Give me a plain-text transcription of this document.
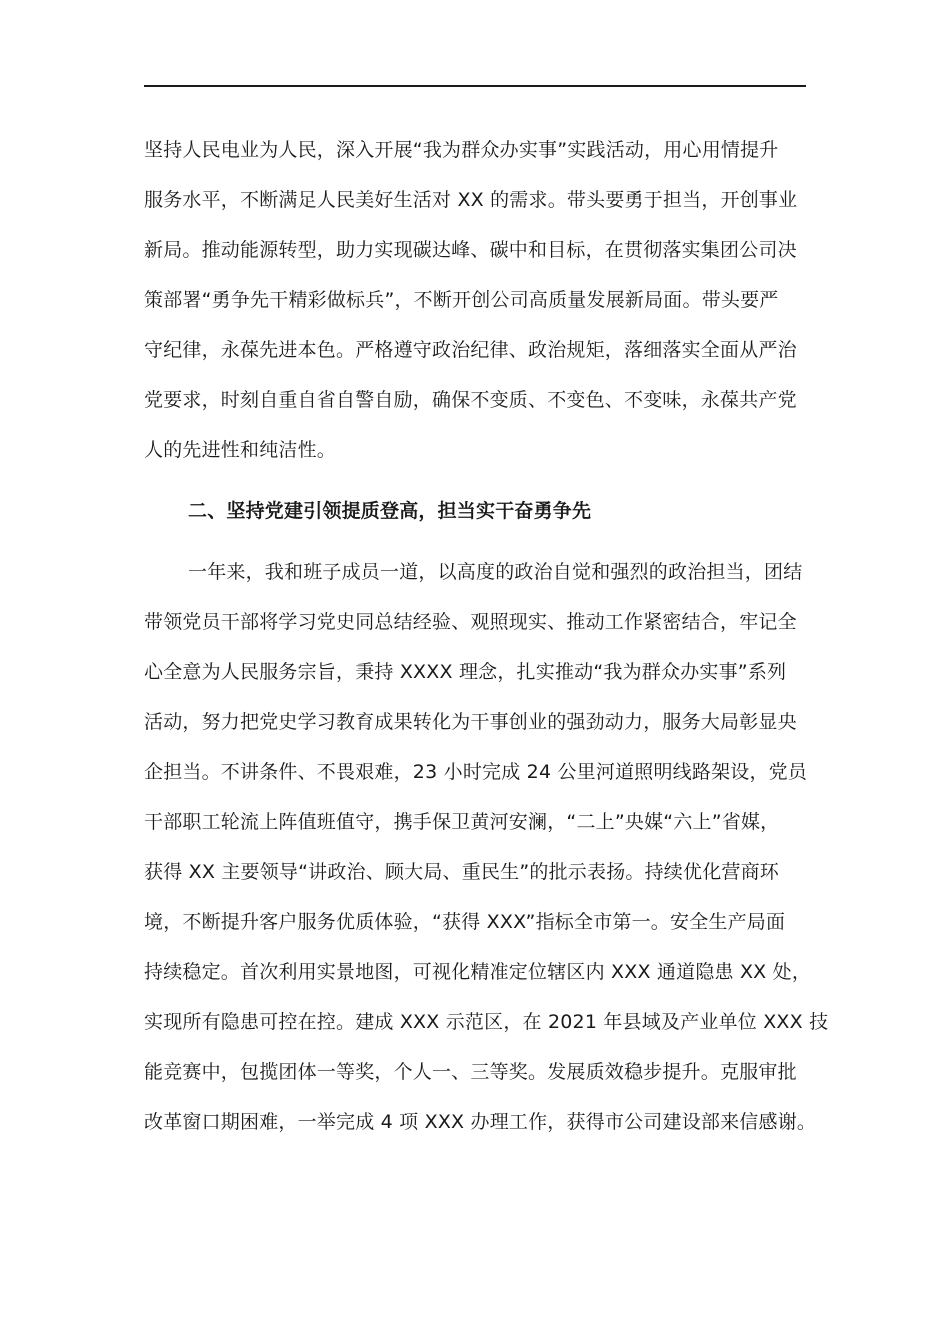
坚持人民电业为人民，深入开展“我为群众办实事”实践活动，用心用情提升
服务水平，不断满足人民美好生活对 XX 的需求。带头要勇于担当，开创事业
新局。推动能源转型，助力实现碳达峰、碳中和目标，在贯彻落实集团公司决
策部署“勇争先干精彩做标兵”，不断开创公司高质量发展新局面。带头要严
守纪律，永葆先进本色。严格遵守政治纪律、政治规矩，落细落实全面从严治
党要求，时刻自重自省自警自励，确保不变质、不变色、不变味，永葆共产党
人的先进性和纯洁性。
二、坚持党建引领提质登高，担当实干奋勇争先
一年来，我和班子成员一道，以高度的政治自觉和强烈的政治担当，团结
带领党员干部将学习党史同总结经验、观照现实、推动工作紧密结合，牢记全
心全意为人民服务宗旨，秉持 XXXX 理念，扎实推动“我为群众办实事”系列
活动，努力把党史学习教育成果转化为干事创业的强劲动力，服务大局彰显央
企担当。不讲条件、不畏艰难，23 小时完成 24 公里河道照明线路架设，党员
干部职工轮流上阵值班值守，携手保卫黄河安澜，“二上”央媒“六上”省媒，
获得 XX 主要领导“讲政治、顾大局、重民生”的批示表扬。持续优化营商环
境，不断提升客户服务优质体验，“获得 XXX”指标全市第一。安全生产局面
持续稳定。首次利用实景地图，可视化精准定位辖区内 XXX 通道隐患 XX 处，
实现所有隐患可控在控。建成 XXX 示范区，在 2021 年县域及产业单位 XXX 技
能竞赛中，包揽团体一等奖，个人一、三等奖。发展质效稳步提升。克服审批
改革窗口期困难，一举完成 4 项 XXX 办理工作，获得市公司建设部来信感谢。
